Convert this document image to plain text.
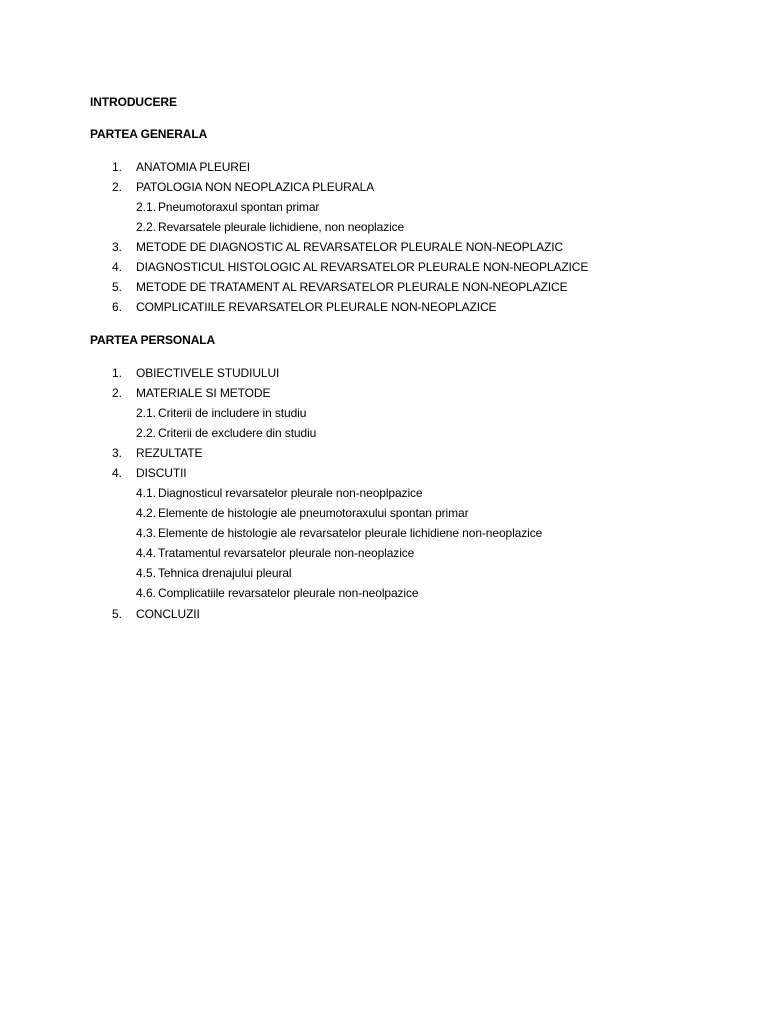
INTRODUCERE
PARTEA GENERALA
1. ANATOMIA PLEUREI
2. PATOLOGIA NON NEOPLAZICA PLEURALA
2.1. Pneumotoraxul spontan primar
2.2. Revarsatele pleurale lichidiene, non neoplazice
3. METODE DE DIAGNOSTIC AL REVARSATELOR PLEURALE NON-NEOPLAZIC
4. DIAGNOSTICUL HISTOLOGIC AL REVARSATELOR PLEURALE NON-NEOPLAZICE
5. METODE DE TRATAMENT AL REVARSATELOR PLEURALE NON-NEOPLAZICE
6. COMPLICATIILE REVARSATELOR PLEURALE NON-NEOPLAZICE
PARTEA PERSONALA
1. OBIECTIVELE STUDIULUI
2. MATERIALE SI METODE
2.1. Criterii de includere in studiu
2.2. Criterii de excludere din studiu
3. REZULTATE
4. DISCUTII
4.1. Diagnosticul revarsatelor pleurale non-neoplpazice
4.2. Elemente de histologie ale pneumotoraxului spontan primar
4.3. Elemente de histologie ale revarsatelor pleurale lichidiene non-neoplazice
4.4. Tratamentul revarsatelor pleurale non-neoplazice
4.5. Tehnica drenajului pleural
4.6. Complicatiile revarsatelor pleurale non-neolpazice
5. CONCLUZII
